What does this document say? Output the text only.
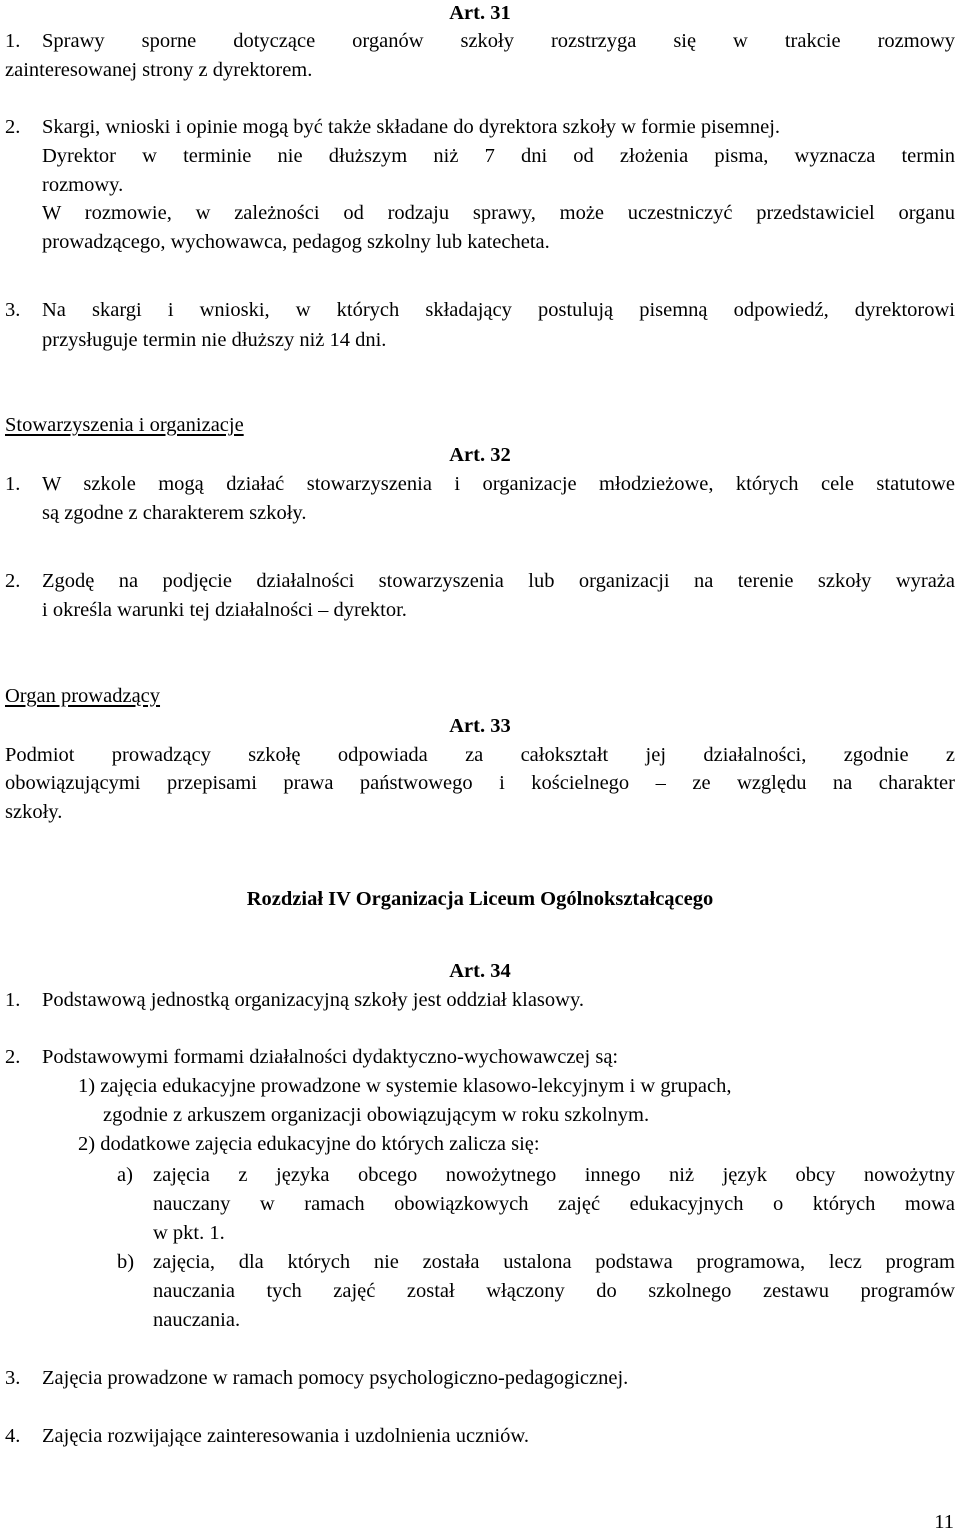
Art. 31
1. Sprawy sporne dotyczące organów szkoły rozstrzyga się w trakcie rozmowy
zainteresowanej strony z dyrektorem.
2. Skargi, wnioski i opinie mogą być także składane do dyrektora szkoły w formie pisemnej.
Dyrektor w terminie nie dłuższym niż 7 dni od złożenia pisma, wyznacza termin
rozmowy.
W rozmowie, w zależności od rodzaju sprawy, może uczestniczyć przedstawiciel organu
prowadzącego, wychowawca, pedagog szkolny lub katecheta.
3. Na skargi i wnioski, w których składający postulują pisemną odpowiedź, dyrektorowi
przysługuje termin nie dłuższy niż 14 dni.
Stowarzyszenia i organizacje
Art. 32
1. W szkole mogą działać stowarzyszenia i organizacje młodzieżowe, których cele statutowe
są zgodne z charakterem szkoły.
2. Zgodę na podjęcie działalności stowarzyszenia lub organizacji na terenie szkoły wyraża
i określa warunki tej działalności – dyrektor.
Organ prowadzący
Art. 33
Podmiot prowadzący szkołę odpowiada za całokształt jej działalności, zgodnie z
obowiązującymi przepisami prawa państwowego i kościelnego – ze względu na charakter
szkoły.
Rozdział IV Organizacja Liceum Ogólnokształcącego
Art. 34
1. Podstawową jednostką organizacyjną szkoły jest oddział klasowy.
2. Podstawowymi formami działalności dydaktyczno-wychowawczej są:
1) zajęcia edukacyjne prowadzone w systemie klasowo-lekcyjnym i w grupach,
zgodnie z arkuszem organizacji obowiązującym w roku szkolnym.
2) dodatkowe zajęcia edukacyjne do których zalicza się:
a) zajęcia z języka obcego nowożytnego innego niż język obcy nowożytny
nauczany w ramach obowiązkowych zajęć edukacyjnych o których mowa
w pkt. 1.
b) zajęcia, dla których nie została ustalona podstawa programowa, lecz program
nauczania tych zajęć został włączony do szkolnego zestawu programów
nauczania.
3. Zajęcia prowadzone w ramach pomocy psychologiczno-pedagogicznej.
4. Zajęcia rozwijające zainteresowania i uzdolnienia uczniów.
11
